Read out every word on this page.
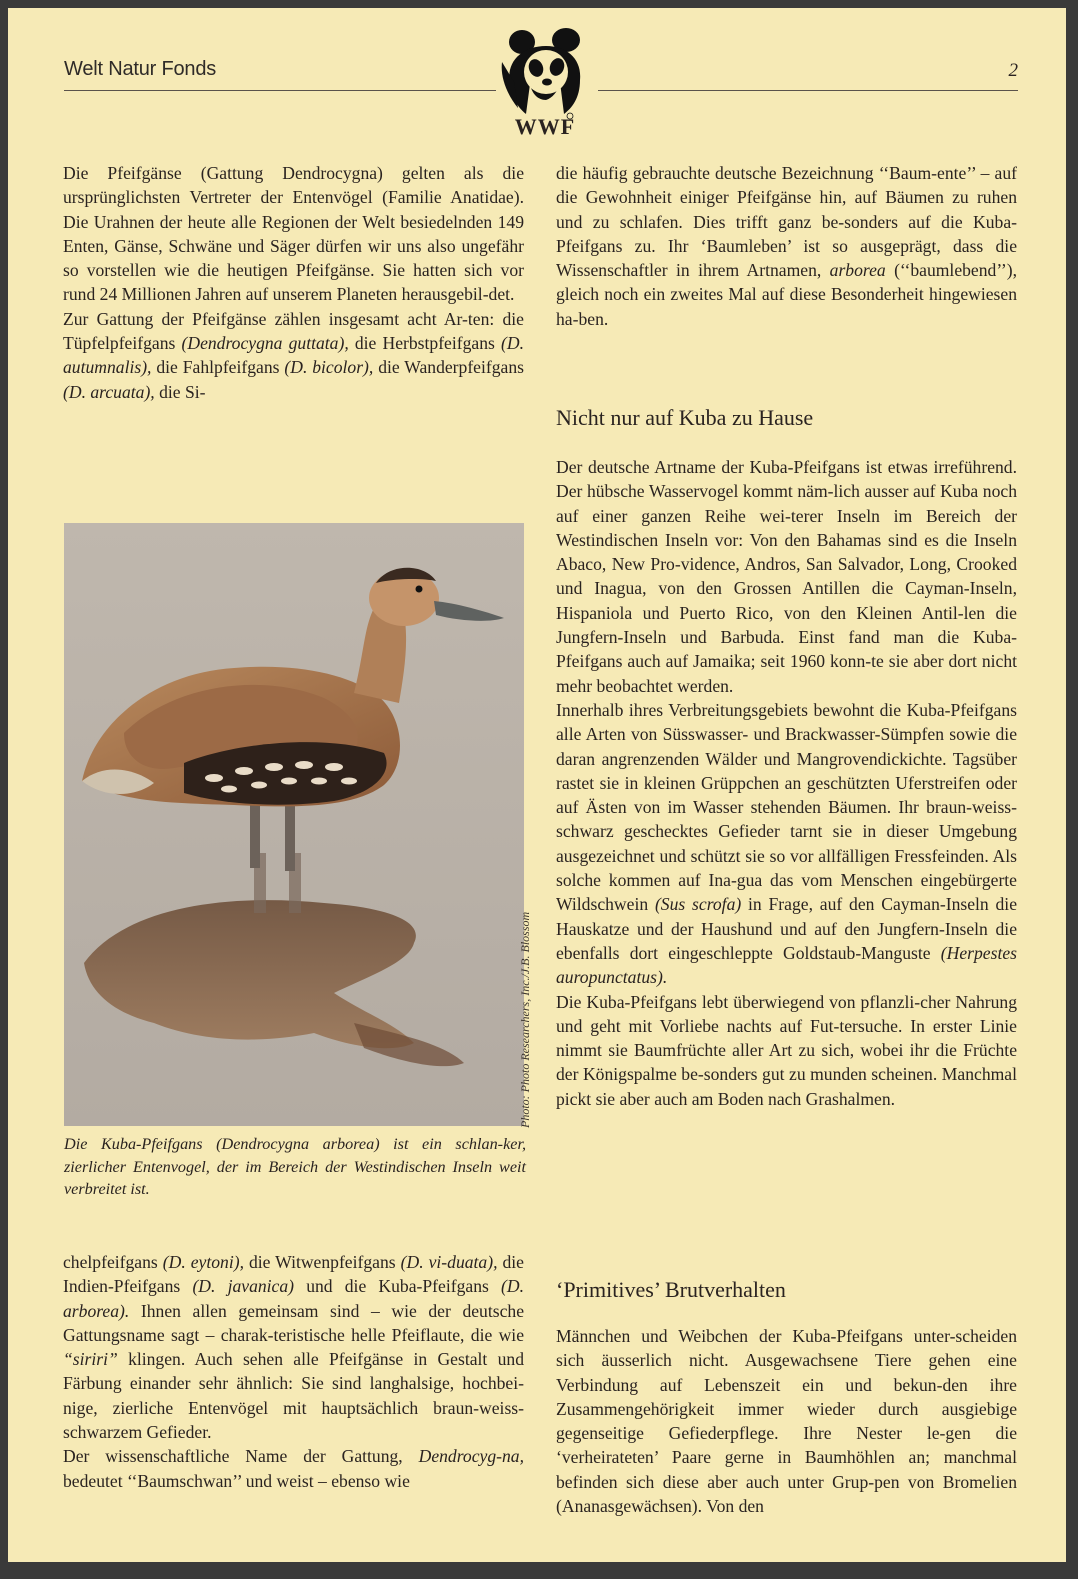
Welt Natur Fonds	2
WWF

Die Pfeifgänse (Gattung Dendrocygna) gelten als die ursprünglichsten Vertreter der Entenvögel (Familie Anatidae). Die Urahnen der heute alle Regionen der Welt besiedelnden 149 Enten, Gänse, Schwäne und Säger dürfen wir uns also ungefähr so vorstellen wie die heutigen Pfeifgänse. Sie hatten sich vor rund 24 Millionen Jahren auf unserem Planeten herausgebil-det.

Zur Gattung der Pfeifgänse zählen insgesamt acht Ar-ten: die Tüpfelpfeifgans (Dendrocygna guttata), die Herbstpfeifgans (D. autumnalis), die Fahlpfeifgans (D. bicolor), die Wanderpfeifgans (D. arcuata), die Si-

Photo: Photo Researchers, Inc./J.B. Blossom
Die Kuba-Pfeifgans (Dendrocygna arborea) ist ein schlan-ker, zierlicher Entenvogel, der im Bereich der Westindischen Inseln weit verbreitet ist.

chelpfeifgans (D. eytoni), die Witwenpfeifgans (D. vi-duata), die Indien-Pfeifgans (D. javanica) und die Kuba-Pfeifgans (D. arborea). Ihnen allen gemeinsam sind – wie der deutsche Gattungsname sagt – charak-teristische helle Pfeiflaute, die wie “siriri” klingen. Auch sehen alle Pfeifgänse in Gestalt und Färbung einander sehr ähnlich: Sie sind langhalsige, hochbei-nige, zierliche Entenvögel mit hauptsächlich braun-weiss-schwarzem Gefieder.

Der wissenschaftliche Name der Gattung, Dendrocyg-na, bedeutet ‘‘Baumschwan’’ und weist – ebenso wie

die häufig gebrauchte deutsche Bezeichnung ‘‘Baum-ente’’ – auf die Gewohnheit einiger Pfeifgänse hin, auf Bäumen zu ruhen und zu schlafen. Dies trifft ganz be-sonders auf die Kuba-Pfeifgans zu. Ihr ‘Baumleben’ ist so ausgeprägt, dass die Wissenschaftler in ihrem Artnamen, arborea (‘‘baumlebend’’), gleich noch ein zweites Mal auf diese Besonderheit hingewiesen ha-ben.

Nicht nur auf Kuba zu Hause

Der deutsche Artname der Kuba-Pfeifgans ist etwas irreführend. Der hübsche Wasservogel kommt näm-lich ausser auf Kuba noch auf einer ganzen Reihe wei-terer Inseln im Bereich der Westindischen Inseln vor: Von den Bahamas sind es die Inseln Abaco, New Pro-vidence, Andros, San Salvador, Long, Crooked und Inagua, von den Grossen Antillen die Cayman-Inseln, Hispaniola und Puerto Rico, von den Kleinen Antil-len die Jungfern-Inseln und Barbuda. Einst fand man die Kuba-Pfeifgans auch auf Jamaika; seit 1960 konn-te sie aber dort nicht mehr beobachtet werden.

Innerhalb ihres Verbreitungsgebiets bewohnt die Kuba-Pfeifgans alle Arten von Süsswasser- und Brackwasser-Sümpfen sowie die daran angrenzenden Wälder und Mangrovendickichte. Tagsüber rastet sie in kleinen Grüppchen an geschützten Uferstreifen oder auf Ästen von im Wasser stehenden Bäumen. Ihr braun-weiss-schwarz geschecktes Gefieder tarnt sie in dieser Umgebung ausgezeichnet und schützt sie so vor allfälligen Fressfeinden. Als solche kommen auf Ina-gua das vom Menschen eingebürgerte Wildschwein (Sus scrofa) in Frage, auf den Cayman-Inseln die Hauskatze und der Haushund und auf den Jungfern-Inseln die ebenfalls dort eingeschleppte Goldstaub-Manguste (Herpestes auropunctatus).

Die Kuba-Pfeifgans lebt überwiegend von pflanzli-cher Nahrung und geht mit Vorliebe nachts auf Fut-tersuche. In erster Linie nimmt sie Baumfrüchte aller Art zu sich, wobei ihr die Früchte der Königspalme be-sonders gut zu munden scheinen. Manchmal pickt sie aber auch am Boden nach Grashalmen.

‘Primitives’ Brutverhalten

Männchen und Weibchen der Kuba-Pfeifgans unter-scheiden sich äusserlich nicht. Ausgewachsene Tiere gehen eine Verbindung auf Lebenszeit ein und bekun-den ihre Zusammengehörigkeit immer wieder durch ausgiebige gegenseitige Gefiederpflege. Ihre Nester le-gen die ‘verheirateten’ Paare gerne in Baumhöhlen an; manchmal befinden sich diese aber auch unter Grup-pen von Bromelien (Ananasgewächsen). Von den
